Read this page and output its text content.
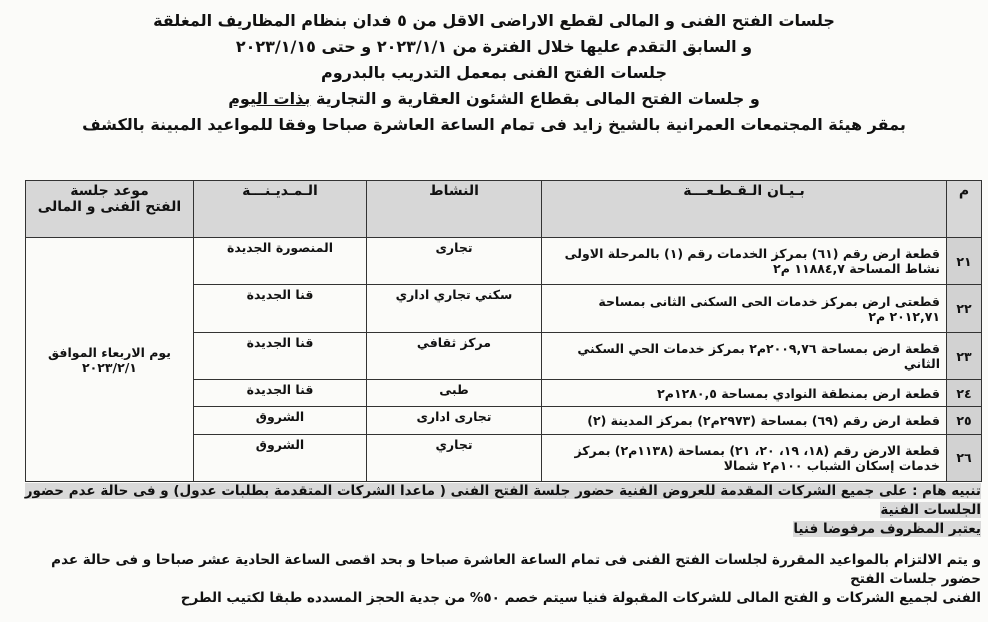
جلسات الفتح الفنى و المالى لقطع الاراضى الاقل من ٥ فدان بنظام المظاريف المغلقة
و السابق التقدم عليها خلال الفترة من ٢٠٢٣/١/١ و حتى ٢٠٢٣/١/١٥
جلسات الفتح الفنى بمعمل التدريب بالبدروم
و جلسات الفتح المالى بقطاع الشئون العقارية و التجارية بذات اليوم
بمقر هيئة المجتمعات العمرانية بالشيخ زايد فى تمام الساعة العاشرة صباحا وفقا للمواعيد المبينة بالكشف
م	بـيـان الـقـطـعـــة	النشاط	الـمـديـنـــة	موعد جلسة
الفتح الفنى و المالى

٢١	قطعة ارض رقم (٦١) بمركز الخدمات رقم (١) بالمرحلة الاولى نشاط المساحة ١١٨٨٤,٧ م٢	تجارى	المنصورة الجديدة	يوم الاربعاء الموافق
٢٠٢٣/٢/١

٢٢	قطعتى ارض بمركز خدمات الحى السكنى الثانى بمساحة ٢٠١٢,٧١ م٢	سكني تجاري اداري	قنا الجديدة	
٢٣	قطعة ارض بمساحة ٢٠٠٩,٧٦م٢ بمركز خدمات الحي السكني الثاني	مركز ثقافي	قنا الجديدة	
٢٤	قطعة ارض بمنطقة النوادي بمساحة ١٢٨٠,٥م٢	طبى	قنا الجديدة	
٢٥	قطعة ارض رقم (٦٩) بمساحة (٢٩٧٣م٢) بمركز المدينة (٢)	تجارى ادارى	الشروق	
٢٦	قطعة الارض رقم (١٨، ١٩، ٢٠، ٢١) بمساحة (١١٣٨م٢) بمركز خدمات إسكان الشباب ١٠٠م٢ شمالا	تجاري	الشروق	
تنبيه هام : على جميع الشركات المقدمة للعروض الفنية حضور جلسة الفتح الفنى ( ماعدا الشركات المتقدمة بطلبات عدول) و فى حالة عدم حضور الجلسات الفنية
يعتبر المظروف مرفوضا فنيا
و يتم الالتزام بالمواعيد المقررة لجلسات الفتح الفنى فى تمام الساعة العاشرة صباحا و بحد اقصى الساعة الحادية عشر صباحا و فى حالة عدم حضور جلسات الفتح
الفنى لجميع الشركات و الفتح المالى للشركات المقبولة فنيا سيتم خصم ٥٠% من جدية الحجز المسدده طبقا لكتيب الطرح
